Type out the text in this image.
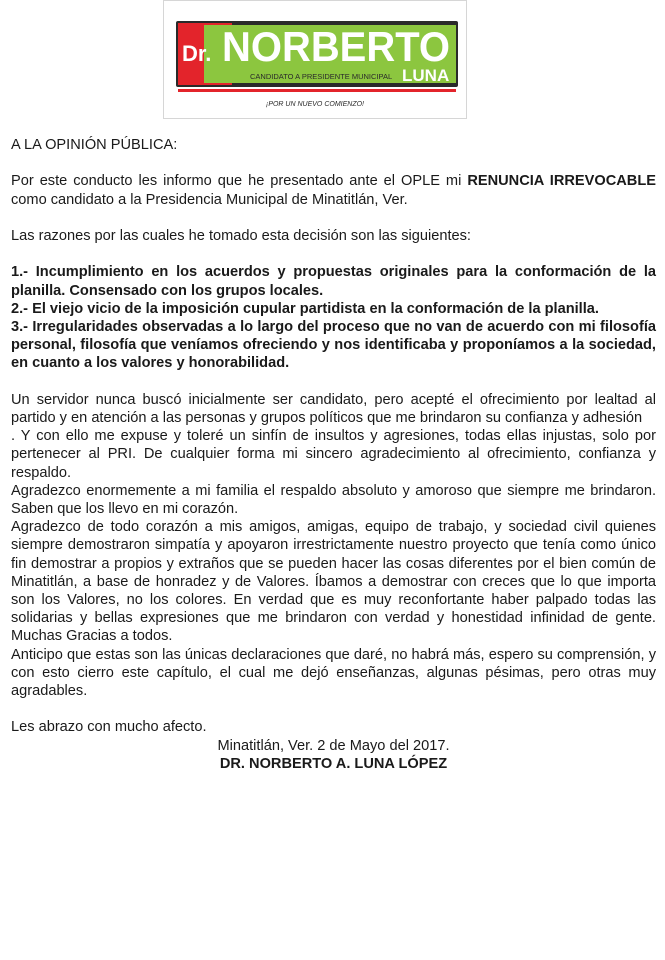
Dr. NORBERTO
CANDIDATO A PRESIDENTE MUNICIPAL LUNA
¡POR UN NUEVO COMIENZO!

A LA OPINIÓN PÚBLICA:

Por este conducto les informo que he presentado ante el OPLE mi RENUNCIA IRREVOCABLE como candidato a la Presidencia Municipal de Minatitlán, Ver.

Las razones por las cuales he tomado esta decisión son las siguientes:

1.- Incumplimiento en los acuerdos y propuestas originales para la conformación de la planilla. Consensado con los grupos locales.

2.- El viejo vicio de la imposición cupular partidista en la conformación de la planilla.

3.- Irregularidades observadas a lo largo del proceso que no van de acuerdo con mi filosofía personal, filosofía que veníamos ofreciendo y nos identificaba y proponíamos a la sociedad, en cuanto a los valores y honorabilidad.

Un servidor nunca buscó inicialmente ser candidato, pero acepté el ofrecimiento por lealtad al partido y en atención a las personas y grupos políticos que me brindaron su confianza y adhesión

. Y con ello me expuse y toleré un sinfín de insultos y agresiones, todas ellas injustas, solo por pertenecer al PRI. De cualquier forma mi sincero agradecimiento al ofrecimiento, confianza y respaldo.

Agradezco enormemente a mi familia el respaldo absoluto y amoroso que siempre me brindaron. Saben que los llevo en mi corazón.

Agradezco de todo corazón a mis amigos, amigas, equipo de trabajo, y sociedad civil quienes siempre demostraron simpatía y apoyaron irrestrictamente nuestro proyecto que tenía como único fin demostrar a propios y extraños que se pueden hacer las cosas diferentes por el bien común de Minatitlán, a base de honradez y de Valores. Íbamos a demostrar con creces que lo que importa son los Valores, no los colores. En verdad que es muy reconfortante haber palpado todas las solidarias y bellas expresiones que me brindaron con verdad y honestidad infinidad de gente. Muchas Gracias a todos.

Anticipo que estas son las únicas declaraciones que daré, no habrá más, espero su comprensión, y con esto cierro este capítulo, el cual me dejó enseñanzas, algunas pésimas, pero otras muy agradables.

Les abrazo con mucho afecto.

Minatitlán, Ver. 2 de Mayo del 2017.

DR. NORBERTO A. LUNA LÓPEZ
